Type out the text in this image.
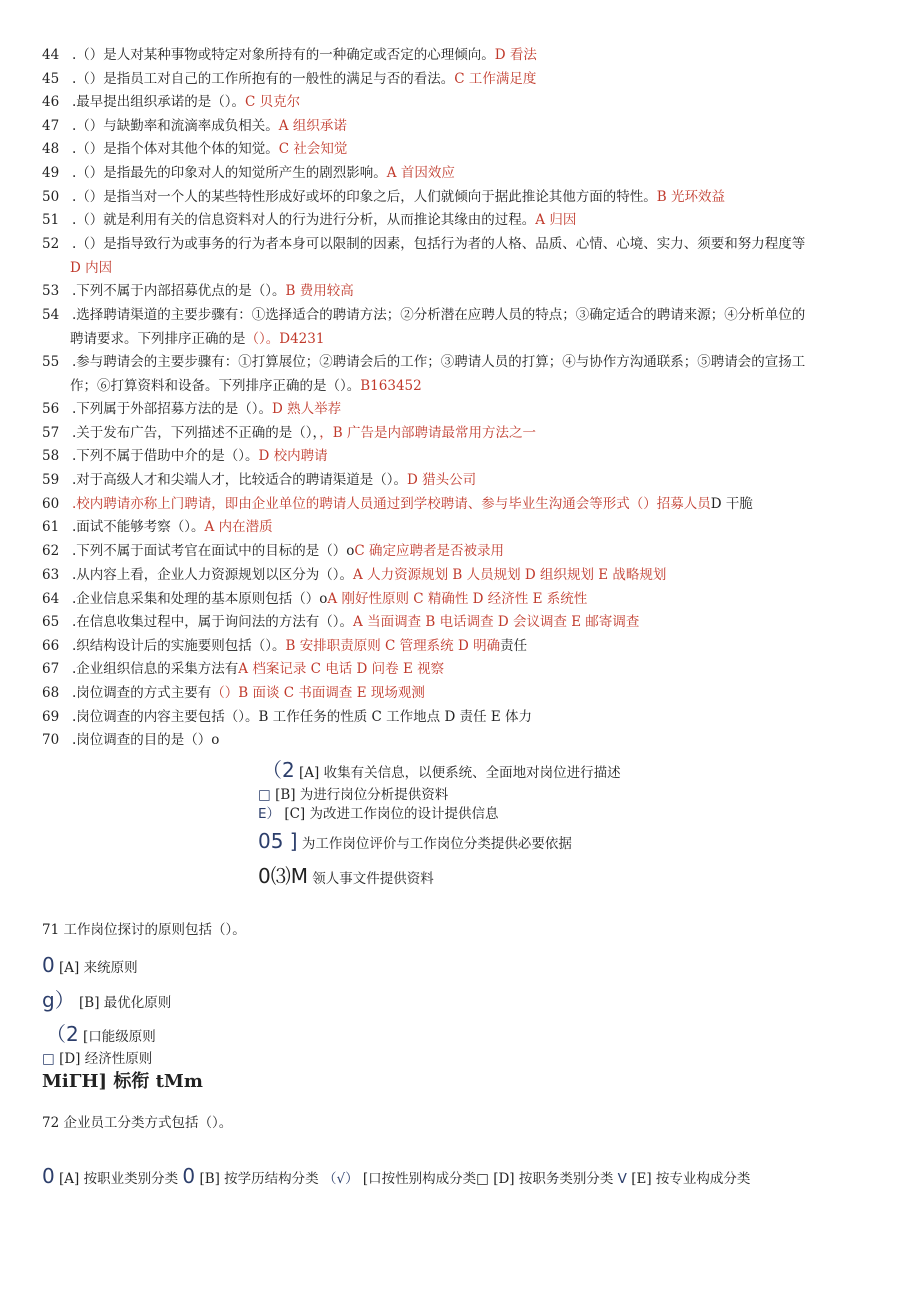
44 .（）是人对某种事物或特定对象所持有的一种确定或否定的心理倾向。D 看法
45 .（）是指员工对自己的工作所抱有的一般性的满足与否的看法。C 工作满足度
46 .最早提出组织承诺的是（）。C 贝克尔
47 .（）与缺勤率和流滴率成负相关。A 组织承诺
48 .（）是指个体对其他个体的知觉。C 社会知觉
49 .（）是指最先的印象对人的知觉所产生的剧烈影响。A 首因效应
50 .（）是指当对一个人的某些特性形成好或坏的印象之后，人们就倾向于据此推论其他方面的特性。B 光环效益
51 .（）就是利用有关的信息资料对人的行为进行分析，从而推论其缘由的过程。A 归因
52 .（）是指导致行为或事务的行为者本身可以限制的因素，包括行为者的人格、品质、心情、心境、实力、须要和努力程度等
53 .下列不属于内部招募优点的是（）。B 费用较高
54 .选择聘请渠道的主要步骤有：①选择适合的聘请方法；②分析潜在应聘人员的特点；③确定适合的聘请来源；④分析单位的
55 .参与聘请会的主要步骤有：①打算展位；②聘请会后的工作；③聘请人员的打算；④与协作方沟通联系；⑤聘请会的宣扬工
56 .下列属于外部招募方法的是（）。D 熟人举荐
57 .关于发布广告，下列描述不正确的是（），，B 广告是内部聘请最常用方法之一
58 .下列不属于借助中介的是（）。D 校内聘请
59 .对于高级人才和尖端人才，比较适合的聘请渠道是（）。D 猎头公司
60 .校内聘请亦称上门聘请，即由企业单位的聘请人员通过到学校聘请、参与毕业生沟通会等形式（）招募人员D 干脆
61 .面试不能够考察（）。A 内在潜质
62 .下列不属于面试考官在面试中的目标的是（）oC 确定应聘者是否被录用
63 .从内容上看，企业人力资源规划以区分为（）。A 人力资源规划 B 人员规划 D 组织规划 E 战略规划
64 .企业信息采集和处理的基本原则包括（）oA 刚好性原则 C 精确性 D 经济性 E 系统性
65 .在信息收集过程中，属于询问法的方法有（）。A 当面调查 B 电话调查 D 会议调查 E 邮寄调查
66 .织结构设计后的实施要则包括（）。B 安排职责原则 C 管理系统 D 明确责任
67 .企业组织信息的采集方法有A 档案记录 C 电话 D 问卷 E 视察
68 .岗位调查的方式主要有（）B 面谈 C 书面调查 E 现场观测
69 .岗位调查的内容主要包括（）。B 工作任务的性质 C 工作地点 D 责任 E 体力
70 .岗位调查的目的是（）o
D 内因
聘请要求。下列排序正确的是（）。D4231
作；⑥打算资料和设备。下列排序正确的是（）。B163452
（2 [A] 收集有关信息，以便系统、全面地对岗位进行描述
□ [B] 为进行岗位分析提供资料
E） [C] 为改进工作岗位的设计提供信息
05 ] 为工作岗位评价与工作岗位分类提供必要依据
0⑶M 领人事文件提供资料
71 工作岗位探讨的原则包括（）。
0 [A] 来统原则
g） [B] 最优化原则
（2 [口能级原则
□ [D] 经济性原则
MiΓH] 标衔 tMm
72 企业员工分类方式包括（）。
0 [A] 按职业类别分类 0 [B] 按学历结构分类 （√） [口按性别构成分类□ [D] 按职务类别分类 V [E] 按专业构成分类
